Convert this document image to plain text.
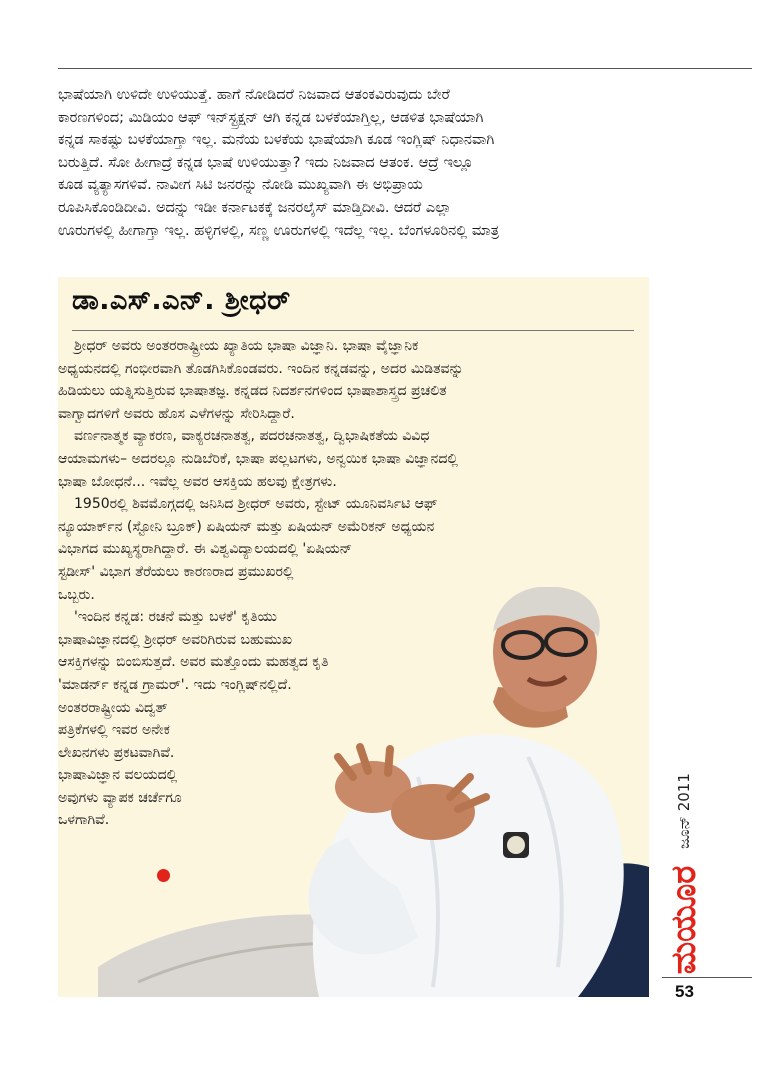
ಭಾಷೆಯಾಗಿ ಉಳಿದೇ ಉಳಿಯುತ್ತೆ. ಹಾಗೆ ನೋಡಿದರೆ ನಿಜವಾದ ಆತಂಕವಿರುವುದು ಬೇರೆ
ಕಾರಣಗಳಿಂದ; ಮಿಡಿಯಂ ಆಫ್ ಇನ್‌ಸ್ಟ್ರಕ್ಷನ್ ಆಗಿ ಕನ್ನಡ ಬಳಕೆಯಾಗ್ತಿಲ್ಲ, ಆಡಳಿತ ಭಾಷೆಯಾಗಿ
ಕನ್ನಡ ಸಾಕಷ್ಟು ಬಳಕೆಯಾಗ್ತಾ ಇಲ್ಲ. ಮನೆಯ ಬಳಕೆಯ ಭಾಷೆಯಾಗಿ ಕೂಡ ಇಂಗ್ಲಿಷ್ ನಿಧಾನವಾಗಿ
ಬರುತ್ತಿದೆ. ಸೋ ಹೀಗಾದ್ರೆ ಕನ್ನಡ ಭಾಷೆ ಉಳಿಯುತ್ತಾ? ಇದು ನಿಜವಾದ ಆತಂಕ. ಆದ್ರೆ ಇಲ್ಲೂ
ಕೂಡ ವ್ಯತ್ಯಾಸಗಳಿವೆ. ನಾವೀಗ ಸಿಟಿ ಜನರನ್ನು ನೋಡಿ ಮುಖ್ಯವಾಗಿ ಈ ಅಭಿಪ್ರಾಯ
ರೂಪಿಸಿಕೊಂಡಿದೀವಿ. ಅದನ್ನು ಇಡೀ ಕರ್ನಾಟಕಕ್ಕೆ ಜನರಲೈಸ್ ಮಾಡ್ತಿದೀವಿ. ಆದರೆ ಎಲ್ಲಾ
ಊರುಗಳಲ್ಲಿ ಹೀಗಾಗ್ತಾ ಇಲ್ಲ. ಹಳ್ಳಿಗಳಲ್ಲಿ, ಸಣ್ಣ ಊರುಗಳಲ್ಲಿ ಇದೆಲ್ಲ ಇಲ್ಲ. ಬೆಂಗಳೂರಿನಲ್ಲಿ ಮಾತ್ರ
ಡಾ.ಎಸ್.ಎನ್. ಶ್ರೀಧರ್
ಶ್ರೀಧರ್ ಅವರು ಅಂತರರಾಷ್ಟ್ರೀಯ ಖ್ಯಾತಿಯ ಭಾಷಾ ವಿಜ್ಞಾನಿ. ಭಾಷಾ ವೈಜ್ಞಾನಿಕ
ಅಧ್ಯಯನದಲ್ಲಿ ಗಂಭೀರವಾಗಿ ತೊಡಗಿಸಿಕೊಂಡವರು. ಇಂದಿನ ಕನ್ನಡವನ್ನು, ಅದರ ಮಿಡಿತವನ್ನು
ಹಿಡಿಯಲು ಯತ್ನಿಸುತ್ತಿರುವ ಭಾಷಾತಜ್ಞ. ಕನ್ನಡದ ನಿದರ್ಶನಗಳಿಂದ ಭಾಷಾಶಾಸ್ತ್ರದ ಪ್ರಚಲಿತ
ವಾಗ್ವಾದಗಳಿಗೆ ಅವರು ಹೊಸ ಎಳೆಗಳನ್ನು ಸೇರಿಸಿದ್ದಾರೆ.
ವರ್ಣನಾತ್ಮಕ ವ್ಯಾಕರಣ, ವಾಕ್ಯರಚನಾತತ್ವ, ಪದರಚನಾತತ್ವ, ದ್ವಿಭಾಷಿಕತೆಯ ವಿವಿಧ
ಆಯಾಮಗಳು– ಅದರಲ್ಲೂ ನುಡಿಬೆರಿಕೆ, ಭಾಷಾ ಪಲ್ಲಟಗಳು, ಅನ್ವಯಿಕ ಭಾಷಾ ವಿಜ್ಞಾನದಲ್ಲಿ
ಭಾಷಾ ಬೋಧನೆ... ಇವೆಲ್ಲ ಅವರ ಆಸಕ್ತಿಯ ಹಲವು ಕ್ಷೇತ್ರಗಳು.
1950ರಲ್ಲಿ ಶಿವಮೊಗ್ಗದಲ್ಲಿ ಜನಿಸಿದ ಶ್ರೀಧರ್ ಅವರು, ಸ್ಟೇಟ್ ಯೂನಿವರ್ಸಿಟಿ ಆಫ್
ನ್ಯೂಯಾರ್ಕ್‌ನ (ಸ್ಟೋನಿ ಬ್ರೂಕ್) ಏಷಿಯನ್ ಮತ್ತು ಏಷಿಯನ್ ಅಮೆರಿಕನ್ ಅಧ್ಯಯನ
ವಿಭಾಗದ ಮುಖ್ಯಸ್ಥರಾಗಿದ್ದಾರೆ. ಈ ವಿಶ್ವವಿದ್ಯಾಲಯದಲ್ಲಿ 'ಏಷಿಯನ್
ಸ್ಟಡೀಸ್' ವಿಭಾಗ ತೆರೆಯಲು ಕಾರಣರಾದ ಪ್ರಮುಖರಲ್ಲಿ
ಒಬ್ಬರು.
'ಇಂದಿನ ಕನ್ನಡ: ರಚನೆ ಮತ್ತು ಬಳಕೆ' ಕೃತಿಯು
ಭಾಷಾವಿಜ್ಞಾನದಲ್ಲಿ ಶ್ರೀಧರ್ ಅವರಿಗಿರುವ ಬಹುಮುಖ
ಆಸಕ್ತಿಗಳನ್ನು ಬಿಂಬಿಸುತ್ತದೆ. ಅವರ ಮತ್ತೊಂದು ಮಹತ್ವದ ಕೃತಿ
'ಮಾಡರ್ನ್ ಕನ್ನಡ ಗ್ರಾಮರ್'. ಇದು ಇಂಗ್ಲಿಷ್‌ನಲ್ಲಿದೆ.
ಅಂತರರಾಷ್ಟ್ರೀಯ ವಿದ್ವತ್
ಪತ್ರಿಕೆಗಳಲ್ಲಿ ಇವರ ಅನೇಕ
ಲೇಖನಗಳು ಪ್ರಕಟವಾಗಿವೆ.
ಭಾಷಾವಿಜ್ಞಾನ ವಲಯದಲ್ಲಿ
ಅವುಗಳು ವ್ಯಾಪಕ ಚರ್ಚೆಗೂ
ಒಳಗಾಗಿವೆ.	ಜೂನ್ 2011
ಮಯೂರ
53
